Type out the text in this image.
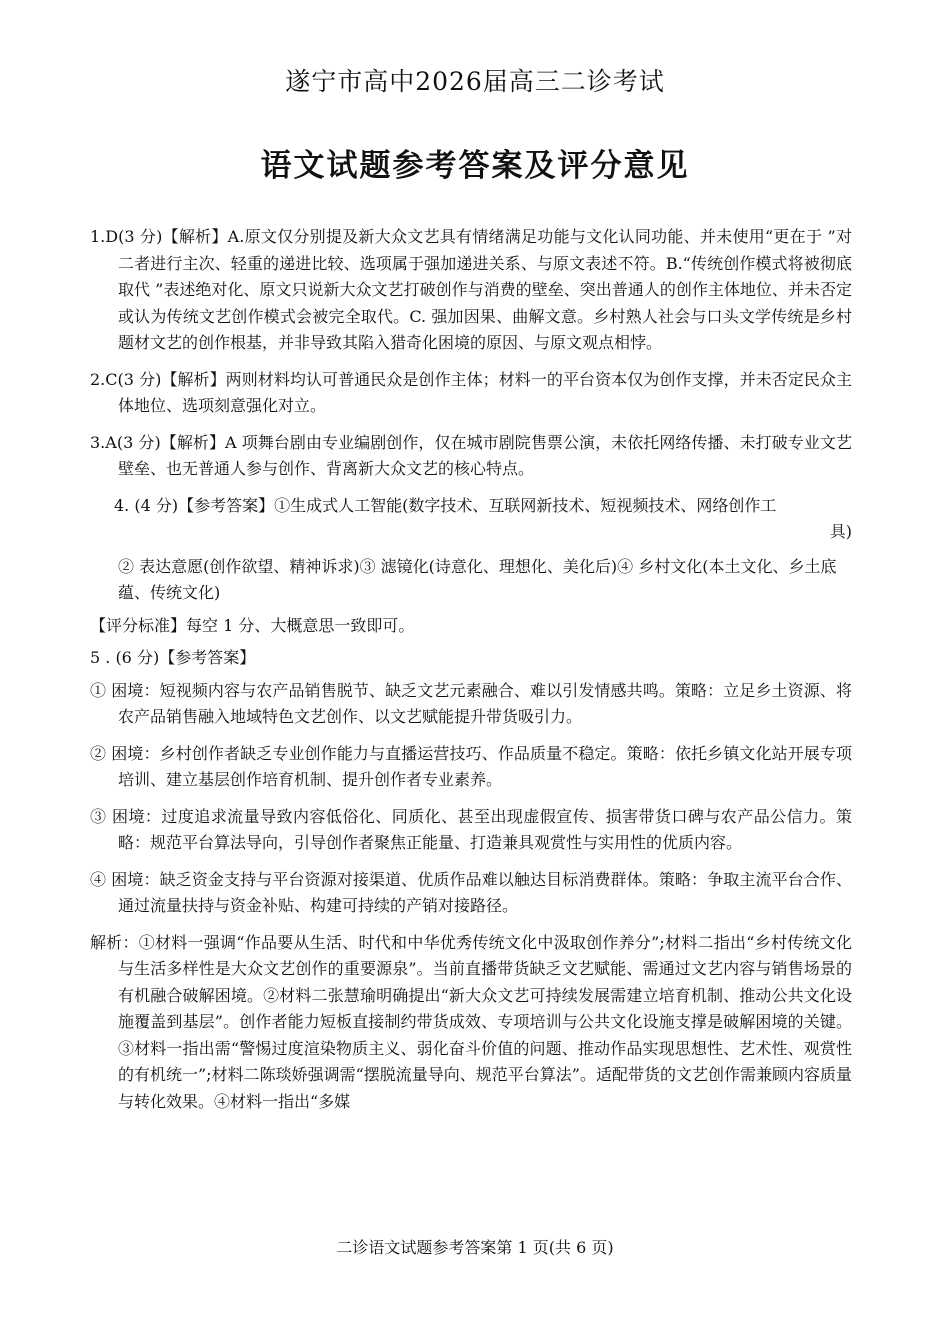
遂宁市高中2026届高三二诊考试
语文试题参考答案及评分意见

1.D(3 分)【解析】A.原文仅分别提及新大众文艺具有情绪满足功能与文化认同功能、并未使用“更在于 ”对二者进行主次、轻重的递进比较、选项属于强加递进关系、与原文表述不符。B.“传统创作模式将被彻底取代 ”表述绝对化、原文只说新大众文艺打破创作与消费的壁垒、突出普通人的创作主体地位、并未否定或认为传统文艺创作模式会被完全取代。C. 强加因果、曲解文意。乡村熟人社会与口头文学传统是乡村题材文艺的创作根基，并非导致其陷入猎奇化困境的原因、与原文观点相悖。

2.C(3 分)【解析】两则材料均认可普通民众是创作主体；材料一的平台资本仅为创作支撑，并未否定民众主体地位、选项刻意强化对立。

3.A(3 分)【解析】A 项舞台剧由专业编剧创作，仅在城市剧院售票公演，未依托网络传播、未打破专业文艺壁垒、也无普通人参与创作、背离新大众文艺的核心特点。

4. (4 分)【参考答案】①生成式人工智能(数字技术、互联网新技术、短视频技术、网络创作工
具)

② 表达意愿(创作欲望、精神诉求)③ 滤镜化(诗意化、理想化、美化后)④ 乡村文化(本土文化、乡土底蕴、传统文化)

【评分标准】每空 1 分、大概意思一致即可。

5 . (6 分)【参考答案】

① 困境：短视频内容与农产品销售脱节、缺乏文艺元素融合、难以引发情感共鸣。策略：立足乡土资源、将农产品销售融入地域特色文艺创作、以文艺赋能提升带货吸引力。

② 困境：乡村创作者缺乏专业创作能力与直播运营技巧、作品质量不稳定。策略：依托乡镇文化站开展专项培训、建立基层创作培育机制、提升创作者专业素养。

③ 困境：过度追求流量导致内容低俗化、同质化、甚至出现虚假宣传、损害带货口碑与农产品公信力。策略：规范平台算法导向，引导创作者聚焦正能量、打造兼具观赏性与实用性的优质内容。

④ 困境：缺乏资金支持与平台资源对接渠道、优质作品难以触达目标消费群体。策略：争取主流平台合作、通过流量扶持与资金补贴、构建可持续的产销对接路径。

解析：①材料一强调“作品要从生活、时代和中华优秀传统文化中汲取创作养分”;材料二指出“乡村传统文化与生活多样性是大众文艺创作的重要源泉”。当前直播带货缺乏文艺赋能、需通过文艺内容与销售场景的有机融合破解困境。②材料二张慧瑜明确提出“新大众文艺可持续发展需建立培育机制、推动公共文化设施覆盖到基层”。创作者能力短板直接制约带货成效、专项培训与公共文化设施支撑是破解困境的关键。③材料一指出需“警惕过度渲染物质主义、弱化奋斗价值的问题、推动作品实现思想性、艺术性、观赏性的有机统一”;材料二陈琰娇强调需“摆脱流量导向、规范平台算法”。适配带货的文艺创作需兼顾内容质量与转化效果。④材料一指出“多媒

二诊语文试题参考答案第 1 页(共 6 页)
